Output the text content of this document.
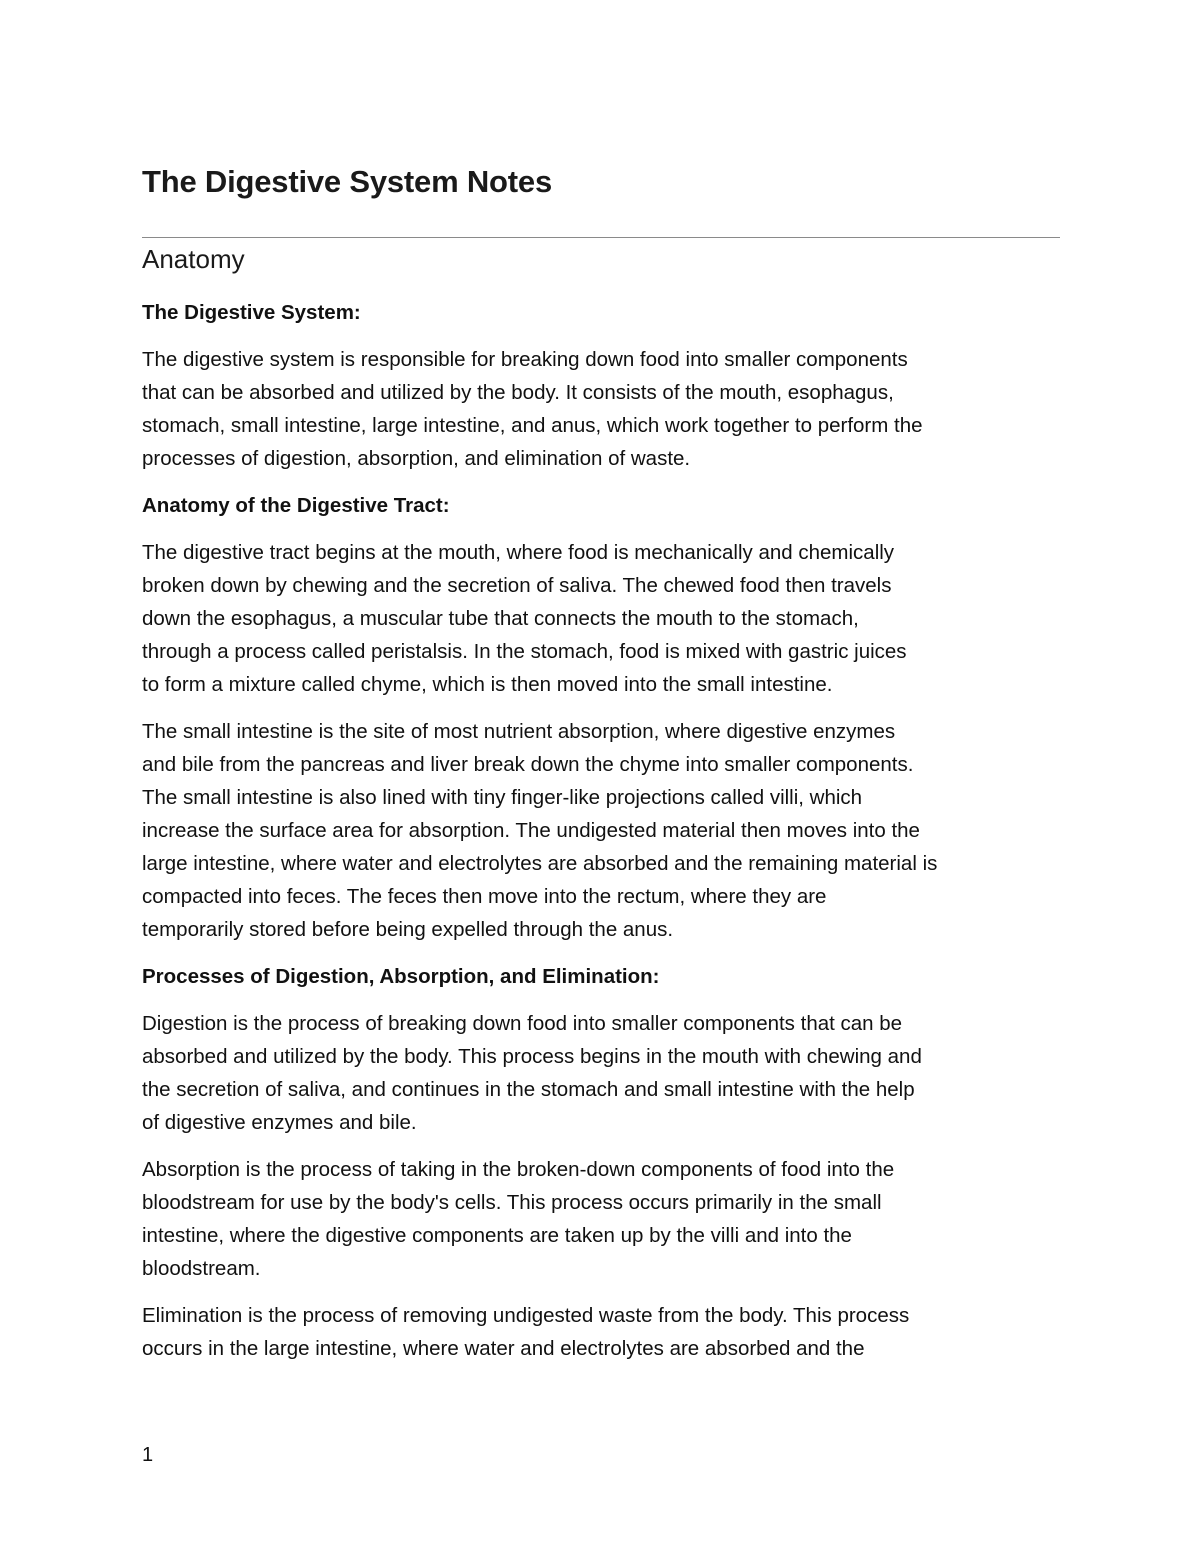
The Digestive System Notes
Anatomy
The Digestive System:
The digestive system is responsible for breaking down food into smaller components
that can be absorbed and utilized by the body. It consists of the mouth, esophagus,
stomach, small intestine, large intestine, and anus, which work together to perform the
processes of digestion, absorption, and elimination of waste.
Anatomy of the Digestive Tract:
The digestive tract begins at the mouth, where food is mechanically and chemically
broken down by chewing and the secretion of saliva. The chewed food then travels
down the esophagus, a muscular tube that connects the mouth to the stomach,
through a process called peristalsis. In the stomach, food is mixed with gastric juices
to form a mixture called chyme, which is then moved into the small intestine.
The small intestine is the site of most nutrient absorption, where digestive enzymes
and bile from the pancreas and liver break down the chyme into smaller components.
The small intestine is also lined with tiny finger-like projections called villi, which
increase the surface area for absorption. The undigested material then moves into the
large intestine, where water and electrolytes are absorbed and the remaining material is
compacted into feces. The feces then move into the rectum, where they are
temporarily stored before being expelled through the anus.
Processes of Digestion, Absorption, and Elimination:
Digestion is the process of breaking down food into smaller components that can be
absorbed and utilized by the body. This process begins in the mouth with chewing and
the secretion of saliva, and continues in the stomach and small intestine with the help
of digestive enzymes and bile.
Absorption is the process of taking in the broken-down components of food into the
bloodstream for use by the body's cells. This process occurs primarily in the small
intestine, where the digestive components are taken up by the villi and into the
bloodstream.
Elimination is the process of removing undigested waste from the body. This process
occurs in the large intestine, where water and electrolytes are absorbed and the
1
